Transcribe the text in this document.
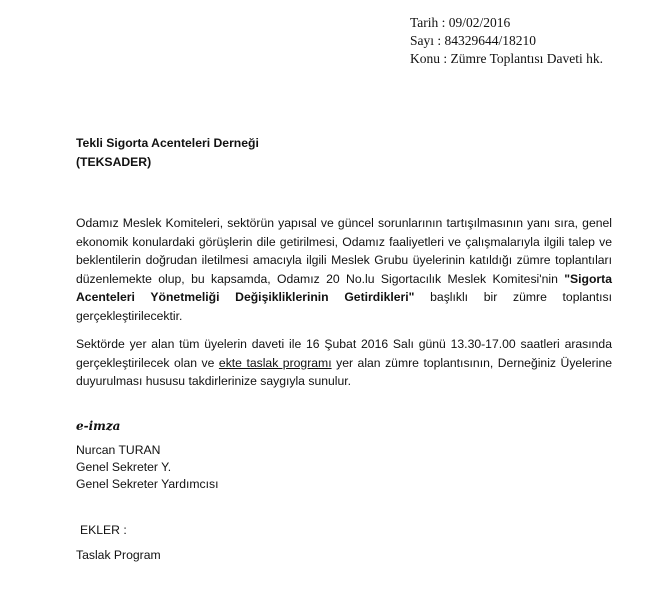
Tarih : 09/02/2016
Sayı : 84329644/18210
Konu : Zümre Toplantısı Daveti hk.
Tekli Sigorta Acenteleri Derneği
(TEKSADER)

Odamız Meslek Komiteleri, sektörün yapısal ve güncel sorunlarının tartışılmasının yanı sıra, genel ekonomik konulardaki görüşlerin dile getirilmesi, Odamız faaliyetleri ve çalışmalarıyla ilgili talep ve beklentilerin doğrudan iletilmesi amacıyla ilgili Meslek Grubu üyelerinin katıldığı zümre toplantıları düzenlemekte olup, bu kapsamda, Odamız 20 No.lu Sigortacılık Meslek Komitesi'nin "Sigorta Acenteleri Yönetmeliği Değişikliklerinin Getirdikleri" başlıklı bir zümre toplantısı gerçekleştirilecektir.

Sektörde yer alan tüm üyelerin daveti ile 16 Şubat 2016 Salı günü 13.30-17.00 saatleri arasında gerçekleştirilecek olan ve ekte taslak programı yer alan zümre toplantısının, Derneğiniz Üyelerine duyurulması hususu takdirlerinize saygıyla sunulur.

e-imza
Nurcan TURAN
Genel Sekreter Y.
Genel Sekreter Yardımcısı
EKLER :
Taslak Program
